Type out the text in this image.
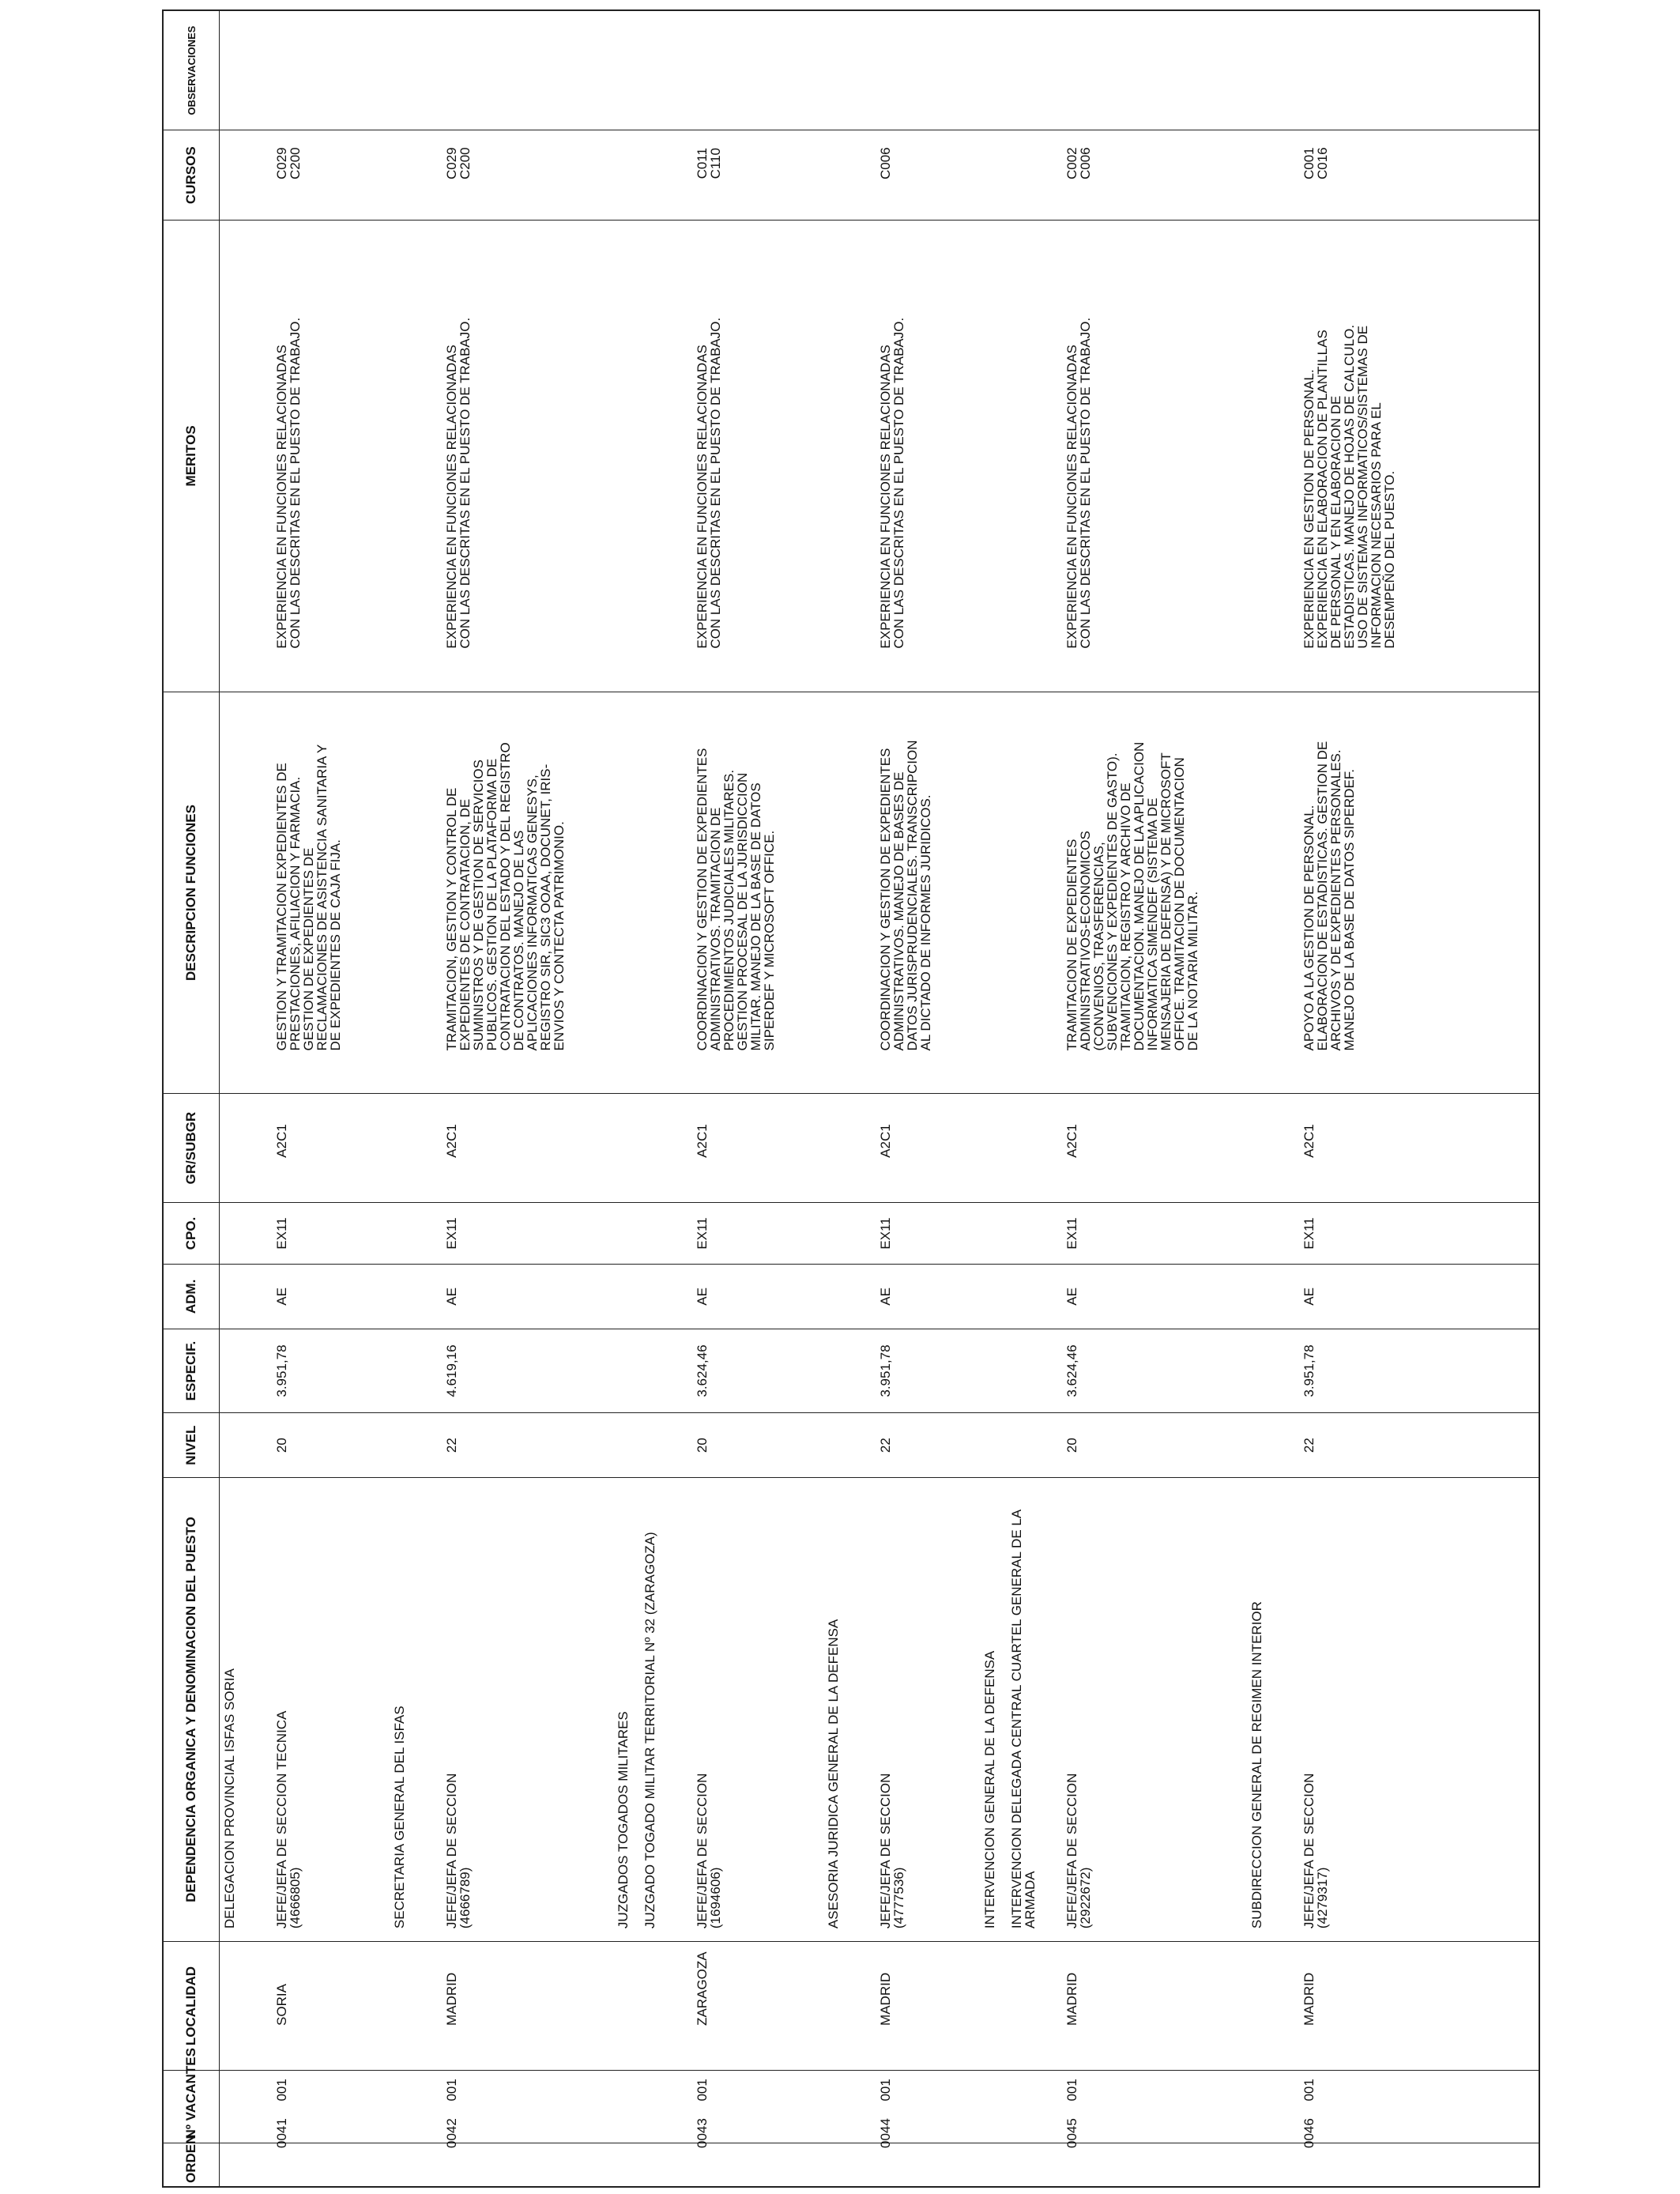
ORDEN	Nº VACANTES	LOCALIDAD	DEPENDENCIA ORGANICA Y DENOMINACION DEL PUESTO	NIVEL	ESPECIF.	ADM.	CPO.	GR/SUBGR	DESCRIPCION FUNCIONES	MERITOS	CURSOS	OBSERVACIONES
			DELEGACION PROVINCIAL ISFAS SORIA									

0041	001	SORIA	JEFE/JEFA DE SECCION TECNICA
(4666805)	20	3.951,78	AE	EX11	A2C1	GESTION Y TRAMITACION EXPEDIENTES DE PRESTACIONES, AFILIACION Y FARMACIA. GESTION DE EXPEDIENTES DE RECLAMACIONES DE ASISTENCIA SANITARIA Y DE EXPEDIENTES DE CAJA FIJA.	EXPERIENCIA EN FUNCIONES RELACIONADAS CON LAS DESCRITAS EN EL PUESTO DE TRABAJO.	C029
C200	

			SECRETARIA GENERAL DEL ISFAS									

0042	001	MADRID	JEFE/JEFA DE SECCION
(4666789)	22	4.619,16	AE	EX11	A2C1	TRAMITACION, GESTION Y CONTROL DE EXPEDIENTES DE CONTRATACION, DE SUMINISTROS Y DE GESTION DE SERVICIOS PUBLICOS. GESTION DE LA PLATAFORMA DE CONTRATACION DEL ESTADO Y DEL REGISTRO DE CONTRATOS. MANEJO DE LAS APLICACIONES INFORMATICAS GENESYS, REGISTRO SIR, SIC3 OOAA, DOCUNET, IRIS-ENVIOS Y CONTECTA PATRIMONIO.	EXPERIENCIA EN FUNCIONES RELACIONADAS CON LAS DESCRITAS EN EL PUESTO DE TRABAJO.	C029
C200	

			JUZGADOS TOGADOS MILITARES									
			JUZGADO TOGADO MILITAR TERRITORIAL Nº 32 (ZARAGOZA)									

0043	001	ZARAGOZA	JEFE/JEFA DE SECCION
(1694606)	20	3.624,46	AE	EX11	A2C1	COORDINACION Y GESTION DE EXPEDIENTES ADMINISTRATIVOS. TRAMITACION DE PROCEDIMIENTOS JUDICIALES MILITARES. GESTION PROCESAL DE LA JURISDICCION MILITAR. MANEJO DE LA BASE DE DATOS SIPERDEF Y MICROSOFT OFFICE.	EXPERIENCIA EN FUNCIONES RELACIONADAS CON LAS DESCRITAS EN EL PUESTO DE TRABAJO.	C011
C110	

			ASESORIA JURIDICA GENERAL DE LA DEFENSA									

0044	001	MADRID	JEFE/JEFA DE SECCION
(4777536)	22	3.951,78	AE	EX11	A2C1	COORDINACION Y GESTION DE EXPEDIENTES ADMINISTRATIVOS. MANEJO DE BASES DE DATOS JURISPRUDENCIALES. TRANSCRIPCION AL DICTADO DE INFORMES JURIDICOS.	EXPERIENCIA EN FUNCIONES RELACIONADAS CON LAS DESCRITAS EN EL PUESTO DE TRABAJO.	C006	

			INTERVENCION GENERAL DE LA DEFENSA									
			INTERVENCION DELEGADA CENTRAL CUARTEL GENERAL DE LA ARMADA									

0045	001	MADRID	JEFE/JEFA DE SECCION
(2922672)	20	3.624,46	AE	EX11	A2C1	TRAMITACION DE EXPEDIENTES ADMINISTRATIVOS-ECONOMICOS (CONVENIOS, TRASFERENCIAS, SUBVENCIONES Y EXPEDIENTES DE GASTO). TRAMITACION, REGISTRO Y ARCHIVO DE DOCUMENTACION. MANEJO DE LA APLICACION INFORMATICA SIMENDEF (SISTEMA DE MENSAJERIA DE DEFENSA) Y DE MICROSOFT OFFICE. TRAMITACION DE DOCUMENTACION DE LA NOTARIA MILITAR.	EXPERIENCIA EN FUNCIONES RELACIONADAS CON LAS DESCRITAS EN EL PUESTO DE TRABAJO.	C002
C006	

			SUBDIRECCION GENERAL DE REGIMEN INTERIOR									

0046	001	MADRID	JEFE/JEFA DE SECCION
(4279317)	22	3.951,78	AE	EX11	A2C1	APOYO A LA GESTION DE PERSONAL. ELABORACION DE ESTADISTICAS. GESTION DE ARCHIVOS Y DE EXPEDIENTES PERSONALES. MANEJO DE LA BASE DE DATOS SIPERDEF.	EXPERIENCIA EN GESTION DE PERSONAL. EXPERIENCIA EN ELABORACION DE PLANTILLAS DE PERSONAL Y EN ELABORACION DE ESTADISTICAS. MANEJO DE HOJAS DE CALCULO. USO DE SISTEMAS INFORMATICOS/SISTEMAS DE INFORMACION NECESARIOS PARA EL DESEMPEÑO DEL PUESTO.	C001
C016	
